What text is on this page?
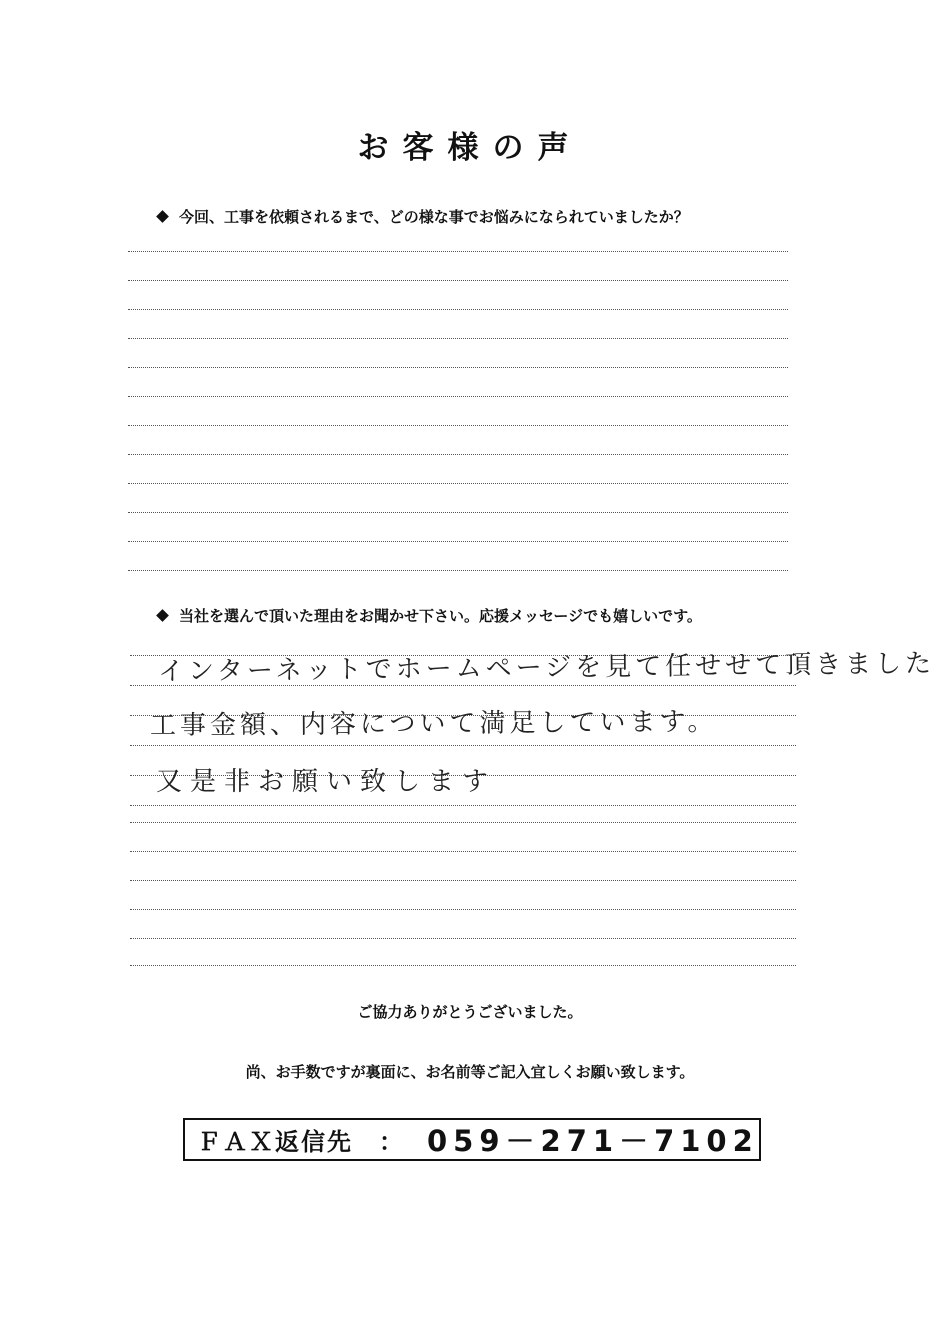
お客様の声
今回、工事を依頼されるまで、どの様な事でお悩みになられていましたか？
当社を選んで頂いた理由をお聞かせ下さい。応援メッセージでも嬉しいです。
インターネットでホームページを見て任せせて頂きました
工事金額、内容について満足しています。
又是非お願い致します
ご協力ありがとうございました。
尚、お手数ですが裏面に、お名前等ご記入宜しくお願い致します。
ＦＡＸ返信先 ： 059－271－7102
